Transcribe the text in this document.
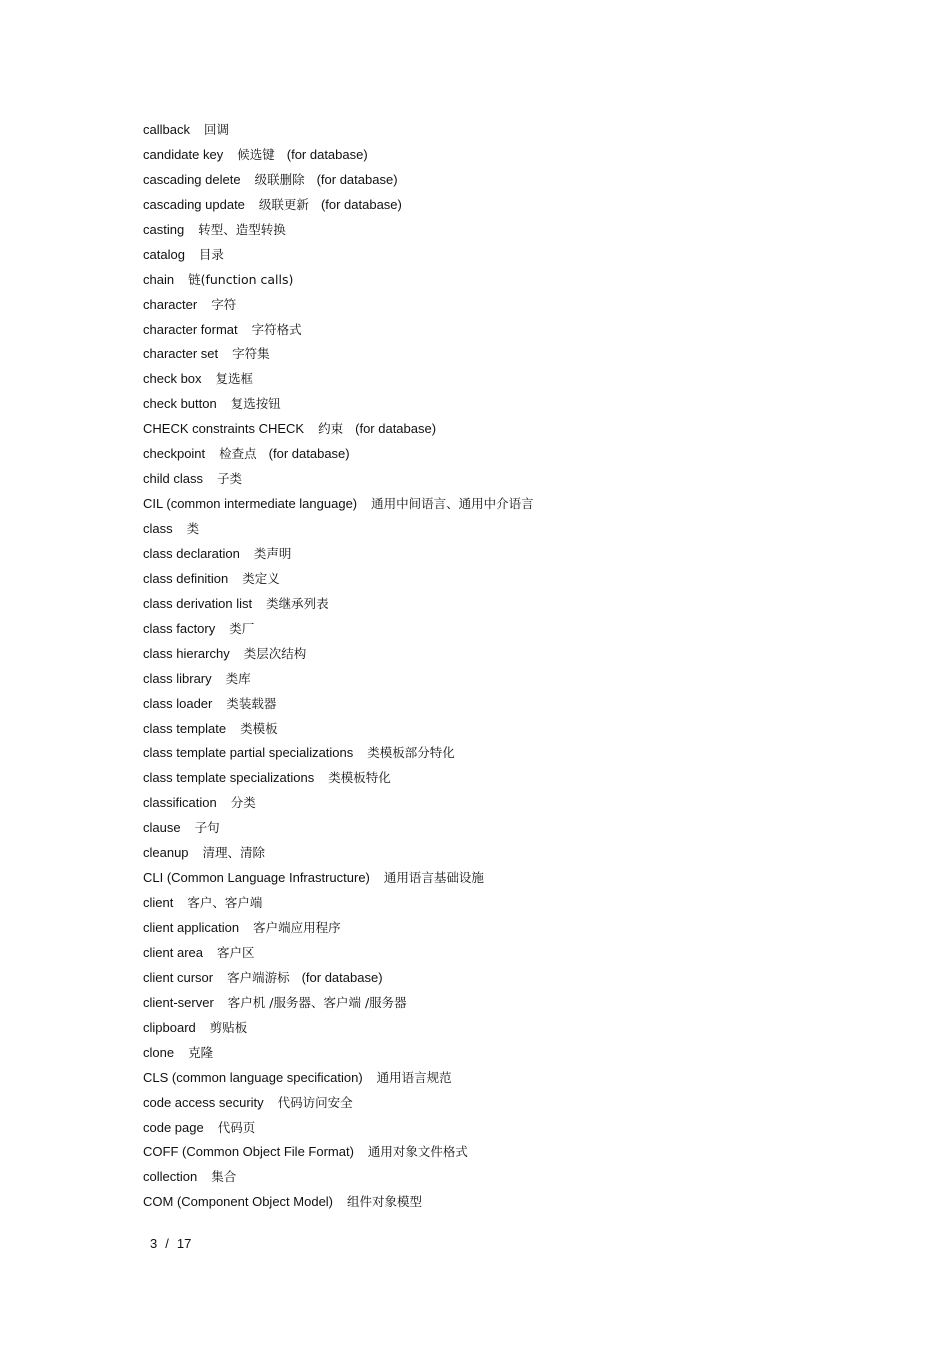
callback 回调
candidate key 候选键 (for database)
cascading delete 级联删除 (for database)
cascading update 级联更新 (for database)
casting 转型、造型转换
catalog 目录
chain 链(function calls)
character 字符
character format 字符格式
character set 字符集
check box 复选框
check button 复选按钮
CHECK constraints CHECK 约束 (for database)
checkpoint 检查点 (for database)
child class 子类
CIL (common intermediate language) 通用中间语言、通用中介语言
class 类
class declaration 类声明
class definition 类定义
class derivation list 类继承列表
class factory 类厂
class hierarchy 类层次结构
class library 类库
class loader 类装载器
class template 类模板
class template partial specializations 类模板部分特化
class template specializations 类模板特化
classification 分类
clause 子句
cleanup 清理、清除
CLI (Common Language Infrastructure) 通用语言基础设施
client 客户、客户端
client application 客户端应用程序
client area 客户区
client cursor 客户端游标 (for database)
client-server 客户机 /服务器、客户端 /服务器
clipboard 剪贴板
clone 克隆
CLS (common language specification) 通用语言规范
code access security 代码访问安全
code page 代码页
COFF (Common Object File Format) 通用对象文件格式
collection 集合
COM (Component Object Model) 组件对象模型
3 / 17
